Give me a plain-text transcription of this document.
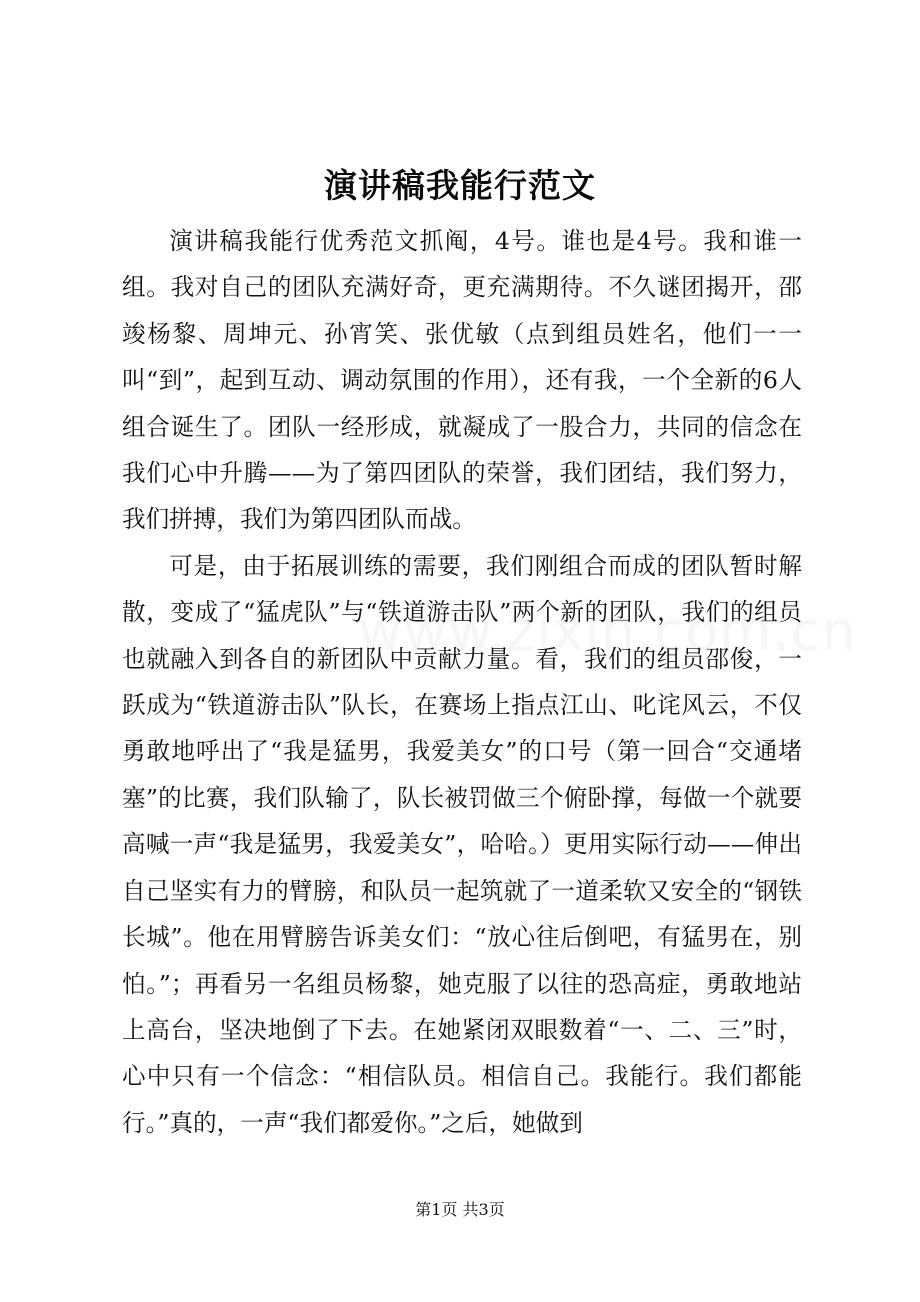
演讲稿我能行范文

演讲稿我能行优秀范文抓阄，4号。谁也是4号。我和谁一组。我对自己的团队充满好奇，更充满期待。不久谜团揭开，邵竣杨黎、周坤元、孙宵笑、张优敏（点到组员姓名，他们一一叫“到”，起到互动、调动氛围的作用），还有我，一个全新的6人组合诞生了。团队一经形成，就凝成了一股合力，共同的信念在我们心中升腾——为了第四团队的荣誉，我们团结，我们努力，我们拼搏，我们为第四团队而战。

可是，由于拓展训练的需要，我们刚组合而成的团队暂时解散，变成了“猛虎队”与“铁道游击队”两个新的团队，我们的组员也就融入到各自的新团队中贡献力量。看，我们的组员邵俊，一跃成为“铁道游击队”队长，在赛场上指点江山、叱诧风云，不仅勇敢地呼出了“我是猛男，我爱美女”的口号（第一回合“交通堵塞”的比赛，我们队输了，队长被罚做三个俯卧撑，每做一个就要高喊一声“我是猛男，我爱美女”，哈哈。）更用实际行动——伸出自己坚实有力的臂膀，和队员一起筑就了一道柔软又安全的“钢铁长城”。他在用臂膀告诉美女们：“放心往后倒吧，有猛男在，别怕。”；再看另一名组员杨黎，她克服了以往的恐高症，勇敢地站上高台，坚决地倒了下去。在她紧闭双眼数着“一、二、三”时，心中只有一个信念：“相信队员。相信自己。我能行。我们都能行。”真的，一声“我们都爱你。”之后，她做到

第1页 共3页
